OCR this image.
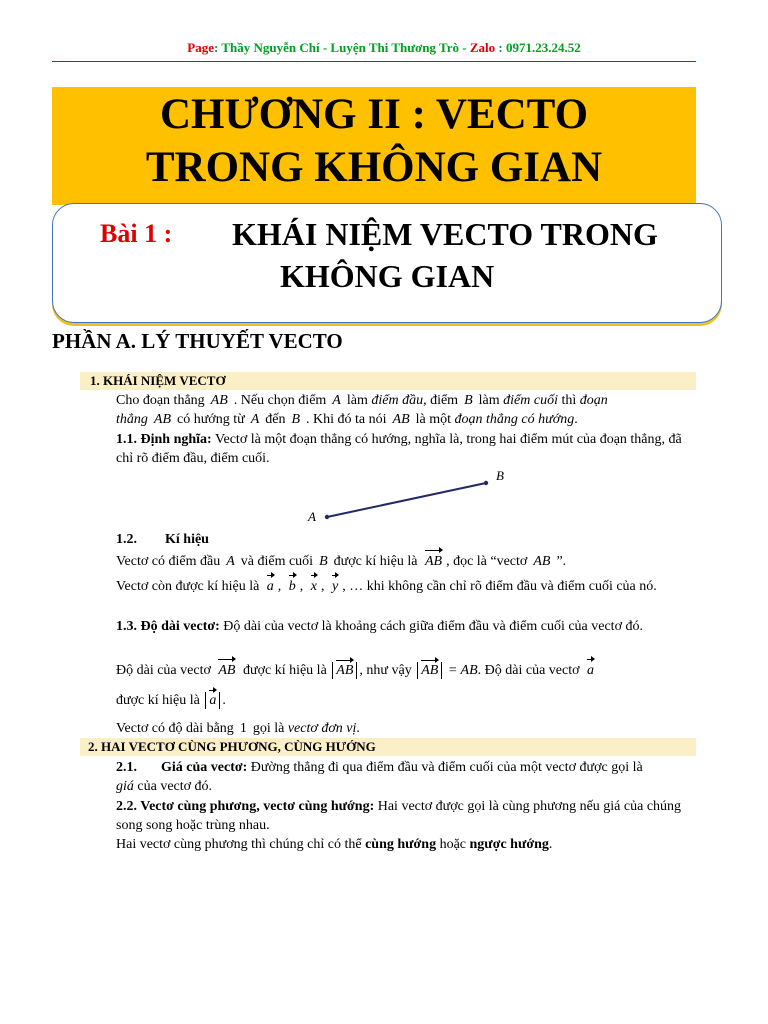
Page: Thầy Nguyễn Chí - Luyện Thi Thương Trò - Zalo : 0971.23.24.52
CHƯƠNG II : VECTO
TRONG KHÔNG GIAN
Bài 1 : KHÁI NIỆM VECTO TRONG
KHÔNG GIAN
PHẦN A. LÝ THUYẾT VECTO
1. KHÁI NIỆM VECTƠ
Cho đoạn thẳng AB . Nếu chọn điểm A làm điểm đầu, điểm B làm điểm cuối thì đoạn
thẳng AB có hướng từ A đến B . Khi đó ta nói AB là một đoạn thẳng có hướng.
1.1. Định nghĩa: Vectơ là một đoạn thẳng có hướng, nghĩa là, trong hai điểm mút của đoạn thẳng, đã chỉ rõ điểm đầu, điểm cuối.
A
B
1.2. Kí hiệu
Vectơ có điểm đầu A và điểm cuối B được kí hiệu là AB , đọc là “vectơ AB ”.
Vectơ còn được kí hiệu là a , b , x , y , … khi không cần chỉ rõ điểm đầu và điểm cuối của nó.
1.3. Độ dài vectơ: Độ dài của vectơ là khoảng cách giữa điểm đầu và điểm cuối của vectơ đó.
Độ dài của vectơ AB được kí hiệu là AB , như vậy AB = AB. Độ dài của vectơ a
được kí hiệu là a .
Vectơ có độ dài bằng 1 gọi là vectơ đơn vị.
2. HAI VECTƠ CÙNG PHƯƠNG, CÙNG HƯỚNG
2.1. Giá của vectơ: Đường thẳng đi qua điểm đầu và điểm cuối của một vectơ được gọi là
giá của vectơ đó.
2.2. Vectơ cùng phương, vectơ cùng hướng: Hai vectơ được gọi là cùng phương nếu giá của chúng song song hoặc trùng nhau.
Hai vectơ cùng phương thì chúng chỉ có thể cùng hướng hoặc ngược hướng.
